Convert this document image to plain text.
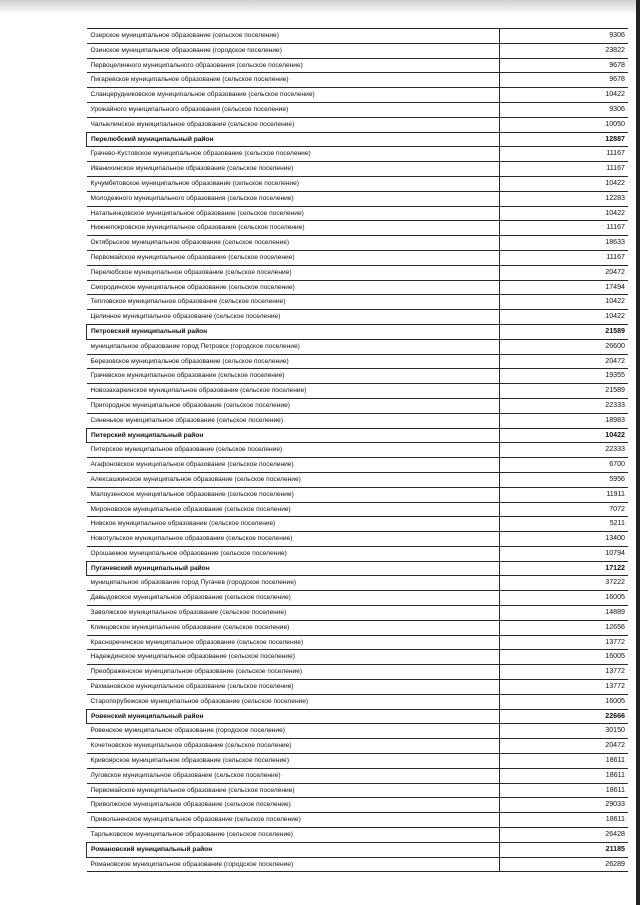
Озерское муниципальное образование (сельское поселение)	9306
Озинское муниципальное образование (городское поселение)	23822
Первоцелинного муниципального образования (сельское поселение)	9678
Пигаревское муниципальное образование (сельское поселение)	9678
Сланцерудниковское муниципальное образование (сельское поселение)	10422
Урожайного муниципального образования (сельское поселение)	9306
Чалыклинское муниципальное образование (сельское поселение)	10050
Перелюбский муниципальный район	12887
Грачево-Кустовское муниципальное образование (сельское поселение)	11167
Иванихинское муниципальное образование (сельское поселение)	11167
Кучумбетовское муниципальное образование (сельское поселение)	10422
Молодежного муниципального образования (сельское поселение)	12283
Натальинцовское муниципальное образование (сельское поселение)	10422
Нижнепокровское муниципальное образование (сельское поселение)	11167
Октябрьское муниципальное образование (сельское поселение)	18633
Первомайское муниципальное образование (сельское поселение)	11167
Перелюбское муниципальное образование (сельское поселение)	20472
Смородинское муниципальное образование (сельское поселение)	17494
Тепловское муниципальное образование (сельское поселение)	10422
Целинное муниципальное образование (сельское поселение)	10422
Петровский муниципальный район	21589
муниципальное образование город Петровск (городское поселение)	26600
Березовское муниципальное образование (сельское поселение)	20472
Грачевское муниципальное образование (сельское поселение)	19355
Новозахаркинское муниципальное образование (сельское поселение)	21589
Пригородное муниципальное образование (сельское поселение)	22333
Синенькое муниципальное образование (сельское поселение)	18983
Питерский муниципальный район	10422
Питерское муниципальное образование (сельское поселение)	22333
Агафоновское муниципальное образование (сельское поселение)	6700
Алексашкинское муниципальное образование (сельское поселение)	5956
Малоузенское муниципальное образование (сельское поселение)	11911
Мироновское муниципальное образование (сельское поселение)	7072
Нивское муниципальное образование (сельское поселение)	5211
Новотульское муниципальное образование (сельское поселение)	13400
Орошаемое муниципальное образование (сельское поселение)	10794
Пугачевский муниципальный район	17122
муниципальное образование город Пугачев (городское поселение)	37222
Давыдовское муниципальное образование (сельское поселение)	16005
Заволжское муниципальное образование (сельское поселение)	14889
Клинцовское муниципальное образование (сельское поселение)	12656
Красноречинское муниципальное образование (сельское поселение)	13772
Надеждинское муниципальное образование (сельское поселение)	16005
Преображенское муниципальное образование (сельское поселение)	13772
Рахмановское муниципальное образование (сельское поселение)	13772
Старопорубежское муниципальное образование (сельское поселение)	16005
Ровенский муниципальный район	22666
Ровенское муниципальное образование (городское поселение)	30150
Кочетновское муниципальное образование (сельское поселение)	20472
Кривоярское муниципальное образование (сельское поселение)	18611
Луговское муниципальное образование (сельское поселение)	18611
Первомайское муниципальное образование (сельское поселение)	18611
Приволжское муниципальное образование (сельское поселение)	29033
Привольненское муниципальное образование (сельское поселение)	18611
Тарлыковское муниципальное образование (сельское поселение)	26428
Романовский муниципальный район	21185
Романовское муниципальное образование (городское поселение)	26289
